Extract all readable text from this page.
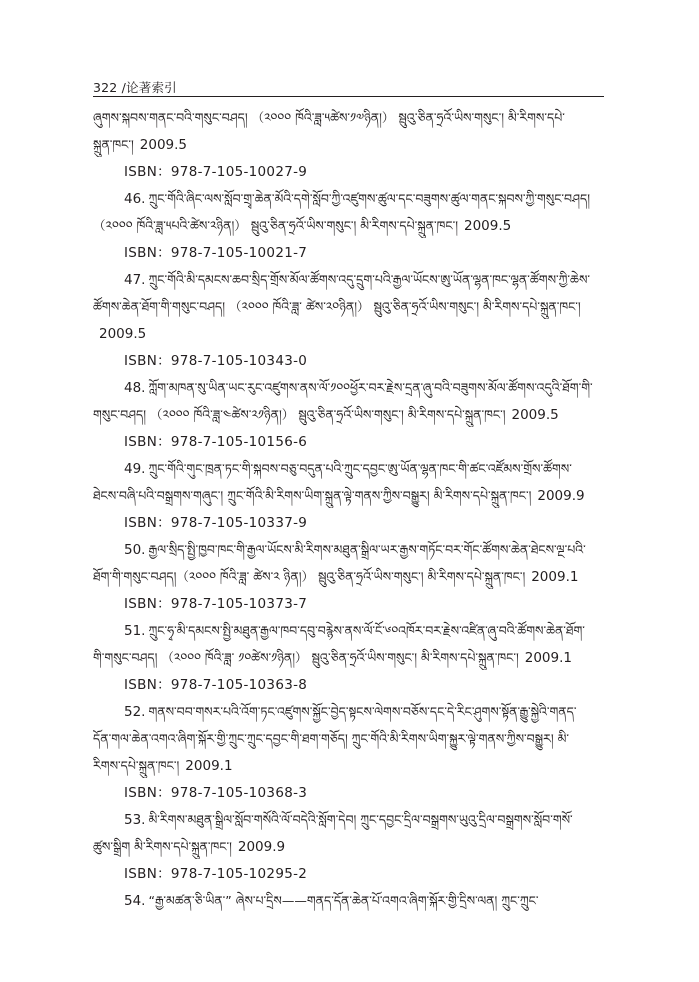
322 /论著索引
ཞུགས་སྐབས་གནང་བའི་གསུང་བཤད། （༢༠༠༠ ཁོའི་ཟླ་༥ཚེས་༡༧ཉིན།） སྦུའུ་ཅིན་ཧྲའོ་ཡིས་གསུང་། མི་རིགས་དཔེ་
སྐྲུན་ཁང་། 2009.5
ISBN：978-7-105-10027-9
46. ཀྲུང་གོའི་ཞིང་ལས་སློབ་གྲྭ་ཆེན་མོའི་དགེ་སློབ་ཀྱི་འཛུགས་ཚུལ་དང་བཟུགས་ཚུལ་གནང་སྐབས་ཀྱི་གསུང་བཤད།
（༢༠༠༠ ཁོའི་ཟླ་༥པའི་ཚེས་༢ཉིན།） སྦུའུ་ཅིན་ཧྲའོ་ཡིས་གསུང་། མི་རིགས་དཔེ་སྐྲུན་ཁང་། 2009.5
ISBN：978-7-105-10021-7
47. ཀྲུང་གོའི་མི་དམངས་ཆབ་སྲིད་གྲོས་མོལ་ཚོགས་འདུ་དྲུག་པའི་རྒྱལ་ཡོངས་ཨུ་ཡོན་ལྷན་ཁང་ལྷན་ཚོགས་ཀྱི་ཆེས་
ཚོགས་ཆེན་ཐོག་གི་གསུང་བཤད། （༢༠༠༠ ཁོའི་ཟླ་ ཚེས་༢༠ཉིན།） སྦུའུ་ཅིན་ཧྲའོ་ཡིས་གསུང་། མི་རིགས་དཔེ་སྐྲུན་ཁང་།
2009.5
ISBN：978-7-105-10343-0
48. ཀློག་མཁན་སུ་ཡིན་ཡང་རུང་འཛུགས་ནས་ལོ་༡༠༠ཕྱོར་བར་རྗེས་དྲན་ཞུ་བའི་བཟུགས་མོལ་ཚོགས་འདུའི་ཐོག་གི་
གསུང་བཤད། （༢༠༠༠ ཁོའི་ཟླ་༤ཚེས་༢༡ཉིན།） སྦུའུ་ཅིན་ཧྲའོ་ཡིས་གསུང་། མི་རིགས་དཔེ་སྐྲུན་ཁང་། 2009.5
ISBN：978-7-105-10156-6
49. ཀྲུང་གོའི་གུང་ཁྲན་ཏང་གི་སྐབས་བཅུ་བདུན་པའི་ཀྲུང་དབྱང་ཨུ་ཡོན་ལྷན་ཁང་གི་ཚང་འཛོམས་གྲོས་ཚོགས་
ཐེངས་བཞི་པའི་བསྒྲགས་གཞུང་། ཀྲུང་གོའི་མི་རིགས་ཡིག་སྐྲུན་ལྟེ་གནས་ཀྱིས་བསྒྱུར། མི་རིགས་དཔེ་སྐྲུན་ཁང་། 2009.9
ISBN：978-7-105-10337-9
50. རྒྱལ་སྲིད་སྤྱི་ཁྱབ་ཁང་གི་རྒྱལ་ཡོངས་མི་རིགས་མཐུན་སྒྲིལ་ཡར་རྒྱས་གཏོང་བར་གོང་ཚོགས་ཆེན་ཐེངས་ལྔ་པའི་
ཐོག་གི་གསུང་བཤད།（༢༠༠༠ ཁོའི་ཟླ་ ཚེས་༢ ཉིན།） སྦུའུ་ཅིན་ཧྲའོ་ཡིས་གསུང་། མི་རིགས་དཔེ་སྐྲུན་ཁང་། 2009.1
ISBN：978-7-105-10373-7
51. ཀྲུང་ཧྭ་མི་དམངས་སྤྱི་མཐུན་རྒྱལ་ཁབ་དབུ་བརྙེས་ནས་ལོ་ངོ་༦༠འཁོར་བར་རྗེས་འཛིན་ཞུ་བའི་ཚོགས་ཆེན་ཐོག་
གི་གསུང་བཤད། （༢༠༠༠ ཁོའི་ཟླ་ ༡༠ཚེས་༡ཉིན།） སྦུའུ་ཅིན་ཧྲའོ་ཡིས་གསུང་། མི་རིགས་དཔེ་སྐྲུན་ཁང་། 2009.1
ISBN：978-7-105-10363-8
52. གནས་བབ་གསར་པའི་འོག་ཏང་འཛུགས་སྐྱོང་བྱེད་སྟངས་ལེགས་བཅོས་དང་དེ་རིང་ཤུགས་སྟོན་རྒྱུ་སྐྱེའི་གནད་
དོན་གལ་ཆེན་འགའ་ཞིག་སྐོར་གྱི་ཀྲུང་ཀྲུང་དབྱང་གི་ཐག་གཅོད། ཀྲུང་གོའི་མི་རིགས་ཡིག་སྐྱུར་ལྟེ་གནས་ཀྱིས་བསྒྱུར། མི་
རིགས་དཔེ་སྐྲུན་ཁང་། 2009.1
ISBN：978-7-105-10368-3
53. མི་རིགས་མཐུན་སྒྲིལ་སློབ་གསོའི་ལོ་བདེའི་སློག་དེབ། ཀྲུང་དབྱང་དྲིལ་བསྒྲགས་ཡུའུ་དྲིལ་བསྒྲགས་སློབ་གསོ་
ཚུས་སྒྲིག མི་རིགས་དཔེ་སྐྲུན་ཁང་། 2009.9
ISBN：978-7-105-10295-2
54. “རྒྱ་མཚན་ཅི་ཡིན་” ཞེས་པ་དྲིས——གནད་དོན་ཆེན་པོ་འགའ་ཞིག་སྐོར་གྱི་དྲིས་ལན། ཀྲུང་ཀྲུང་
